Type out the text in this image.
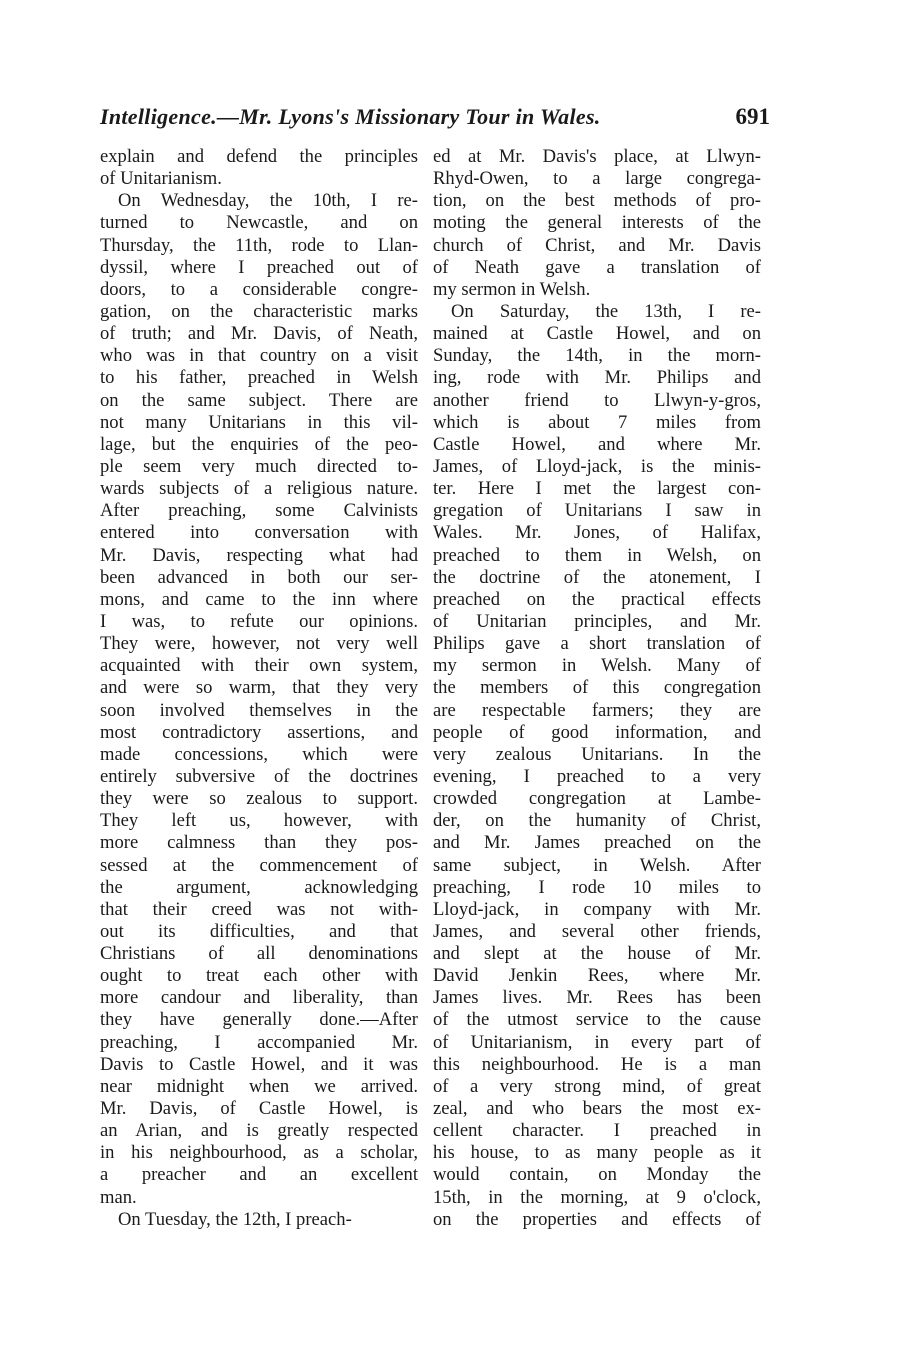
Intelligence.—Mr. Lyons's Missionary Tour in Wales.	691
explain and defend the principles
of Unitarianism.
On Wednesday, the 10th, I re-
turned to Newcastle, and on
Thursday, the 11th, rode to Llan-
dyssil, where I preached out of
doors, to a considerable congre-
gation, on the characteristic marks
of truth; and Mr. Davis, of Neath,
who was in that country on a visit
to his father, preached in Welsh
on the same subject. There are
not many Unitarians in this vil-
lage, but the enquiries of the peo-
ple seem very much directed to-
wards subjects of a religious nature.
After preaching, some Calvinists
entered into conversation with
Mr. Davis, respecting what had
been advanced in both our ser-
mons, and came to the inn where
I was, to refute our opinions.
They were, however, not very well
acquainted with their own system,
and were so warm, that they very
soon involved themselves in the
most contradictory assertions, and
made concessions, which were
entirely subversive of the doctrines
they were so zealous to support.
They left us, however, with
more calmness than they pos-
sessed at the commencement of
the argument, acknowledging
that their creed was not with-
out its difficulties, and that
Christians of all denominations
ought to treat each other with
more candour and liberality, than
they have generally done.—After
preaching, I accompanied Mr.
Davis to Castle Howel, and it was
near midnight when we arrived.
Mr. Davis, of Castle Howel, is
an Arian, and is greatly respected
in his neighbourhood, as a scholar,
a preacher and an excellent
man.
On Tuesday, the 12th, I preach-
ed at Mr. Davis's place, at Llwyn-
Rhyd-Owen, to a large congrega-
tion, on the best methods of pro-
moting the general interests of the
church of Christ, and Mr. Davis
of Neath gave a translation of
my sermon in Welsh.
On Saturday, the 13th, I re-
mained at Castle Howel, and on
Sunday, the 14th, in the morn-
ing, rode with Mr. Philips and
another friend to Llwyn-y-gros,
which is about 7 miles from
Castle Howel, and where Mr.
James, of Lloyd-jack, is the minis-
ter. Here I met the largest con-
gregation of Unitarians I saw in
Wales. Mr. Jones, of Halifax,
preached to them in Welsh, on
the doctrine of the atonement, I
preached on the practical effects
of Unitarian principles, and Mr.
Philips gave a short translation of
my sermon in Welsh. Many of
the members of this congregation
are respectable farmers; they are
people of good information, and
very zealous Unitarians. In the
evening, I preached to a very
crowded congregation at Lambe-
der, on the humanity of Christ,
and Mr. James preached on the
same subject, in Welsh. After
preaching, I rode 10 miles to
Lloyd-jack, in company with Mr.
James, and several other friends,
and slept at the house of Mr.
David Jenkin Rees, where Mr.
James lives. Mr. Rees has been
of the utmost service to the cause
of Unitarianism, in every part of
this neighbourhood. He is a man
of a very strong mind, of great
zeal, and who bears the most ex-
cellent character. I preached in
his house, to as many people as it
would contain, on Monday the
15th, in the morning, at 9 o'clock,
on the properties and effects of
